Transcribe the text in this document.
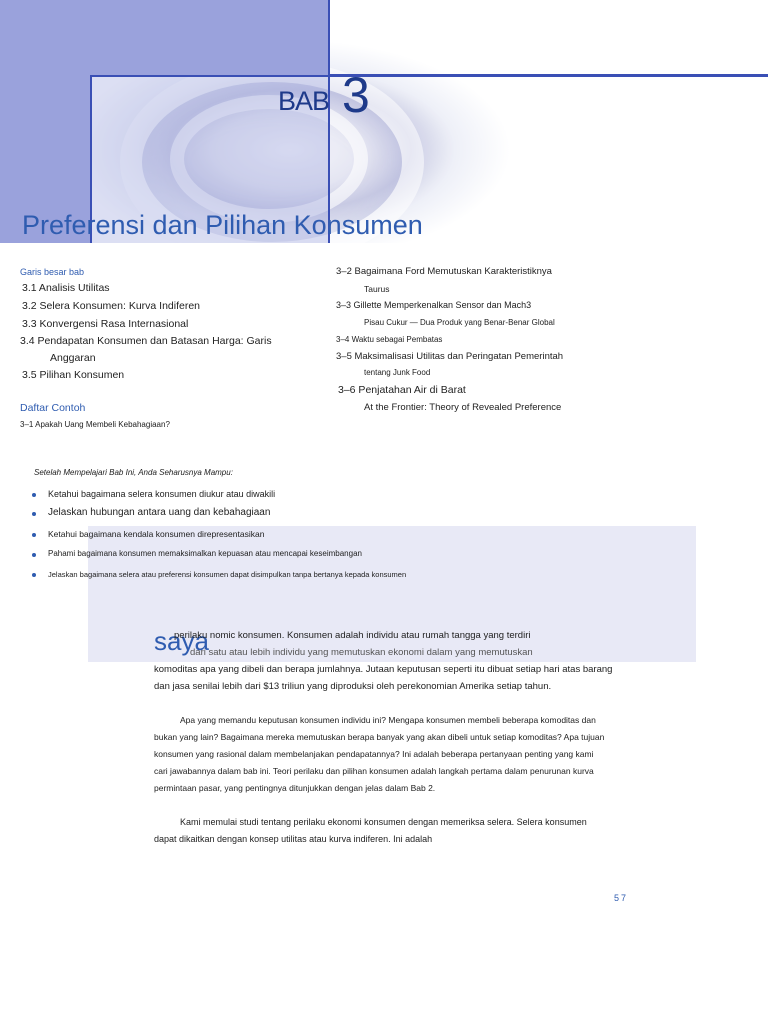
BAB 3
Preferensi dan Pilihan Konsumen
Garis besar bab
3.1 Analisis Utilitas
3.2 Selera Konsumen: Kurva Indiferen
3.3 Konvergensi Rasa Internasional
3.4 Pendapatan Konsumen dan Batasan Harga: Garis
Anggaran
3.5 Pilihan Konsumen
Daftar Contoh
3–1 Apakah Uang Membeli Kebahagiaan?
3–2 Bagaimana Ford Memutuskan Karakteristiknya
Taurus
3–3 Gillette Memperkenalkan Sensor dan Mach3
Pisau Cukur — Dua Produk yang Benar-Benar Global
3–4 Waktu sebagai Pembatas
3–5 Maksimalisasi Utilitas dan Peringatan Pemerintah
tentang Junk Food
3–6 Penjatahan Air di Barat
At the Frontier: Theory of Revealed Preference
Setelah Mempelajari Bab Ini, Anda Seharusnya Mampu:
Ketahui bagaimana selera konsumen diukur atau diwakili
Jelaskan hubungan antara uang dan kebahagiaan
Ketahui bagaimana kendala konsumen direpresentasikan
Pahami bagaimana konsumen memaksimalkan kepuasan atau mencapai keseimbangan
Jelaskan bagaimana selera atau preferensi konsumen dapat disimpulkan tanpa bertanya kepada konsumen
saya
perilaku nomic konsumen. Konsumen adalah individu atau rumah tangga yang terdiri
dari satu atau lebih individu yang memutuskan ekonomi dalam yang memutuskan
komoditas apa yang dibeli dan berapa jumlahnya. Jutaan keputusan seperti itu dibuat setiap hari atas barang
dan jasa senilai lebih dari $13 triliun yang diproduksi oleh perekonomian Amerika setiap tahun.
Apa yang memandu keputusan konsumen individu ini? Mengapa konsumen membeli beberapa komoditas dan
bukan yang lain? Bagaimana mereka memutuskan berapa banyak yang akan dibeli untuk setiap komoditas? Apa tujuan
konsumen yang rasional dalam membelanjakan pendapatannya? Ini adalah beberapa pertanyaan penting yang kami
cari jawabannya dalam bab ini. Teori perilaku dan pilihan konsumen adalah langkah pertama dalam penurunan kurva
permintaan pasar, yang pentingnya ditunjukkan dengan jelas dalam Bab 2.
Kami memulai studi tentang perilaku ekonomi konsumen dengan memeriksa selera. Selera konsumen
dapat dikaitkan dengan konsep utilitas atau kurva indiferen. Ini adalah
57
